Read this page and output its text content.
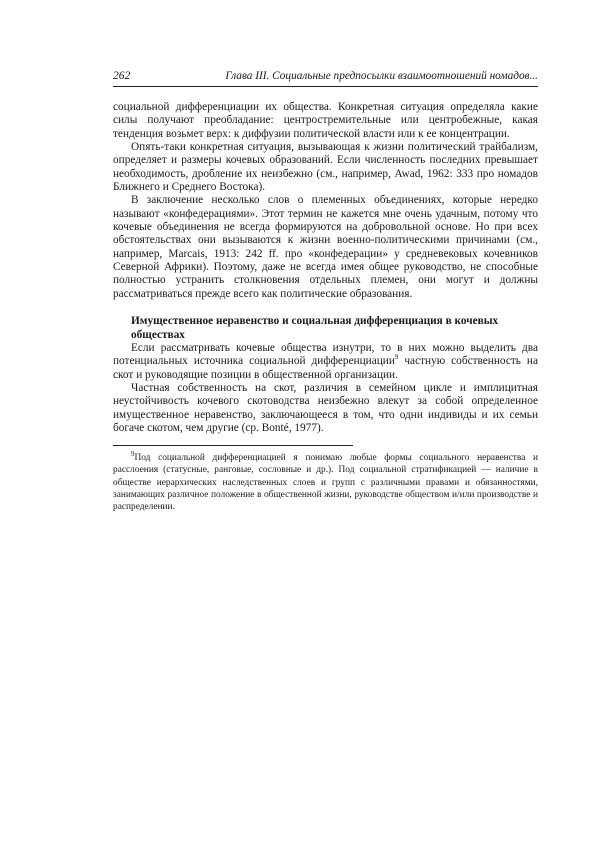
262	Глава III. Социальные предпосылки взаимоотношений номадов...

социальной дифференциации их общества. Конкретная ситуация определяла какие силы получают преобладание: центростремительные или центробежные, какая тенденция возьмет верх: к диффузии политической власти или к ее концентрации.

Опять-таки конкретная ситуация, вызывающая к жизни политический трайбализм, определяет и размеры кочевых образований. Если численность последних превышает необходимость, дробление их неизбежно (см., например, Awad, 1962: 333 про номадов Ближнего и Среднего Востока).

В заключение несколько слов о племенных объединениях, которые нередко называют «конфедерациями». Этот термин не кажется мне очень удачным, потому что кочевые объединения не всегда формируются на добровольной основе. Но при всех обстоятельствах они вызываются к жизни военно-политическими причинами (см., например, Marcais, 1913: 242 ff. про «конфедерации» у средневековых кочевников Северной Африки). Поэтому, даже не всегда имея общее руководство, не способные полностью устранить столкновения отдельных племен, они могут и должны рассматриваться прежде всего как политические образования.

Имущественное неравенство и социальная дифференциация в кочевых обществах

Если рассматривать кочевые общества изнутри, то в них можно выделить два потенциальных источника социальной дифференциации$^9$ частную собственность на скот и руководящие позиции в общественной организации.

Частная собственность на скот, различия в семейном цикле и имплицитная неустойчивость кочевого скотоводства неизбежно влекут за собой определенное имущественное неравенство, заключающееся в том, что одни индивиды и их семьи богаче скотом, чем другие (ср. Bonté, 1977).

$^9$Под социальной дифференциацией я понимаю любые формы социального неравенства и расслоения (статусные, ранговые, сословные и др.). Под социальной стратификацией — наличие в обществе иерархических наследственных слоев и групп с различными правами и обязанностями, занимающих различное положение в общественной жизни, руководстве обществом и/или производстве и распределении.
